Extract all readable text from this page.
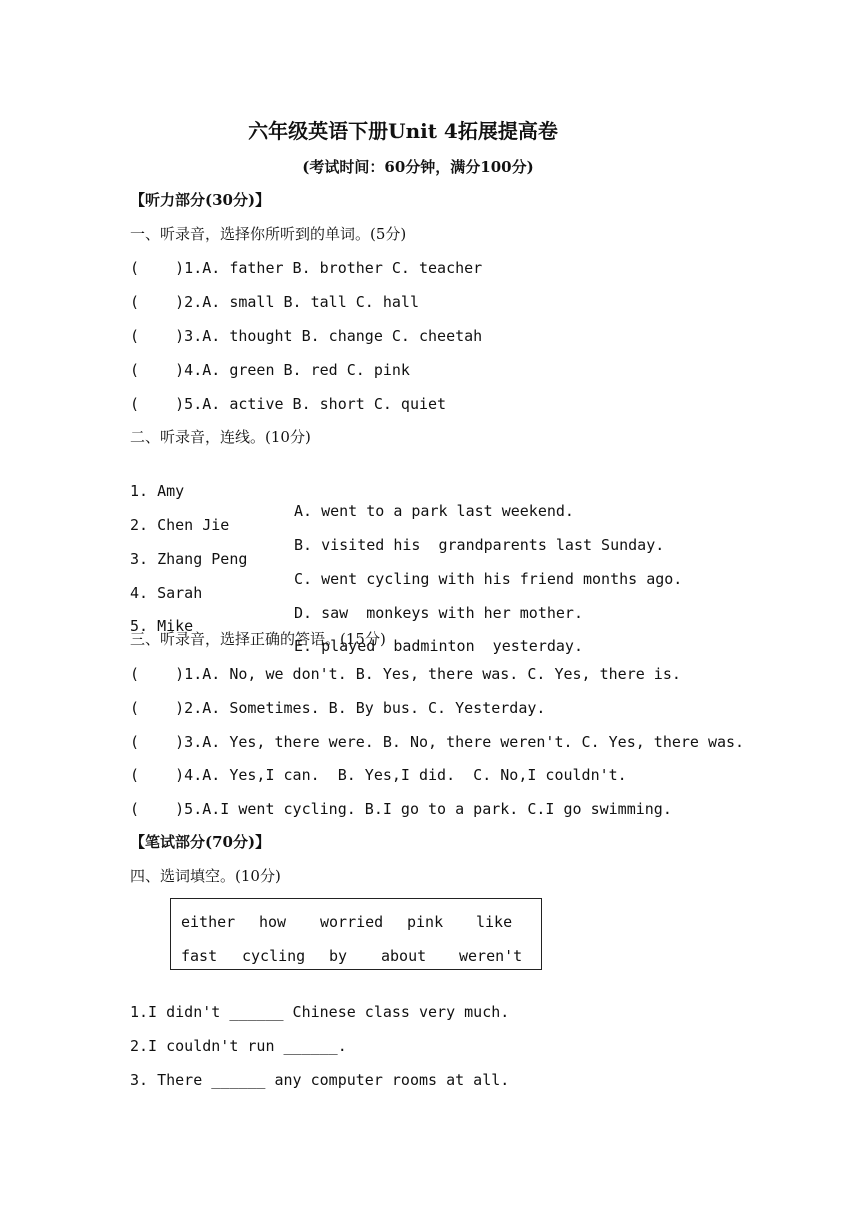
六年级英语下册Unit 4拓展提高卷
(考试时间：60分钟，满分100分)
【听力部分(30分)】
一、听录音，选择你所听到的单词。(5分)
(    )1.A. father B. brother C. teacher
(    )2.A. small B. tall C. hall
(    )3.A. thought B. change C. cheetah
(    )4.A. green B. red C. pink
(    )5.A. active B. short C. quiet
二、听录音，连线。(10分)

1. Amy

A. went to a park last weekend.

2. Chen Jie

B. visited his  grandparents last Sunday.

3. Zhang Peng

C. went cycling with his friend months ago.

4. Sarah

D. saw  monkeys with her mother.

5. Mike

E. played  badminton  yesterday.

三、听录音，选择正确的答语。(15分)
(    )1.A. No, we don't. B. Yes, there was. C. Yes, there is.
(    )2.A. Sometimes. B. By bus. C. Yesterday.
(    )3.A. Yes, there were. B. No, there weren't. C. Yes, there was.
(    )4.A. Yes,I can.  B. Yes,I did.  C. No,I couldn't.
(    )5.A.I went cycling. B.I go to a park. C.I go swimming.
【笔试部分(70分)】
四、选词填空。(10分)
either how worried pink like
fast cycling by about weren't
1.I didn't ______ Chinese class very much.
2.I couldn't run ______.
3. There ______ any computer rooms at all.
